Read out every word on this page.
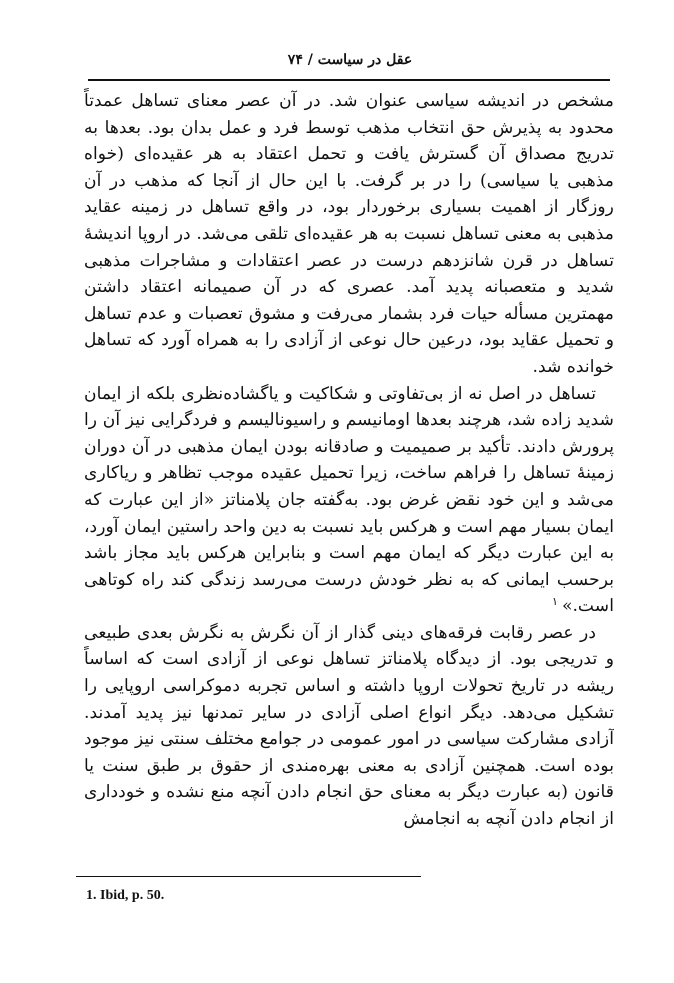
عقل در سیاست / ۷۴

مشخص در اندیشه سیاسی عنوان شد. در آن عصر معنای تساهل عمدتاً محدود به پذیرش حق انتخاب مذهب توسط فرد و عمل بدان بود. بعدها به تدریج مصداق آن گسترش یافت و تحمل اعتقاد به هر عقیده‌ای (خواه مذهبی یا سیاسی) را در بر گرفت. با این حال از آنجا که مذهب در آن روزگار از اهمیت بسیاری برخوردار بود، در واقع تساهل در زمینه عقاید مذهبی به معنی تساهل نسبت به هر عقیده‌ای تلقی می‌شد. در اروپا اندیشهٔ تساهل در قرن شانزدهم درست در عصر اعتقادات و مشاجرات مذهبی شدید و متعصبانه پدید آمد. عصری که در آن صمیمانه اعتقاد داشتن مهمترین مسأله حیات فرد بشمار می‌رفت و مشوق تعصبات و عدم تساهل و تحمیل عقاید بود، درعین حال نوعی از آزادی را به همراه آورد که تساهل خوانده شد.

تساهل در اصل نه از بی‌تفاوتی و شکاکیت و یاگشاده‌نظری بلکه از ایمان شدید زاده شد، هرچند بعدها اومانیسم و راسیونالیسم و فردگرایی نیز آن را پرورش دادند. تأکید بر صمیمیت و صادقانه بودن ایمان مذهبی در آن دوران زمینهٔ تساهل را فراهم ساخت، زیرا تحمیل عقیده موجب تظاهر و ریاکاری می‌شد و این خود نقض غرض بود. به‌گفته جان پلامناتز «از این عبارت که ایمان بسیار مهم است و هرکس باید نسبت به دین واحد راستین ایمان آورد، به این عبارت دیگر که ایمان مهم است و بنابراین هرکس باید مجاز باشد برحسب ایمانی که به نظر خودش درست می‌رسد زندگی کند راه کوتاهی است.»$^۱$

در عصر رقابت فرقه‌های دینی گذار از آن نگرش به نگرش بعدی طبیعی و تدریجی بود. از دیدگاه پلامناتز تساهل نوعی از آزادی است که اساساً ریشه در تاریخ تحولات اروپا داشته و اساس تجربه دموکراسی اروپایی را تشکیل می‌دهد. دیگر انواع اصلی آزادی در سایر تمدنها نیز پدید آمدند. آزادی مشارکت سیاسی در امور عمومی در جوامع مختلف سنتی نیز موجود بوده است. همچنین آزادی به معنی بهره‌مندی از حقوق بر طبق سنت یا قانون (به عبارت دیگر به معنای حق انجام دادن آنچه منع نشده و خودداری از انجام دادن آنچه به انجامش

1. Ibid, p. 50.
